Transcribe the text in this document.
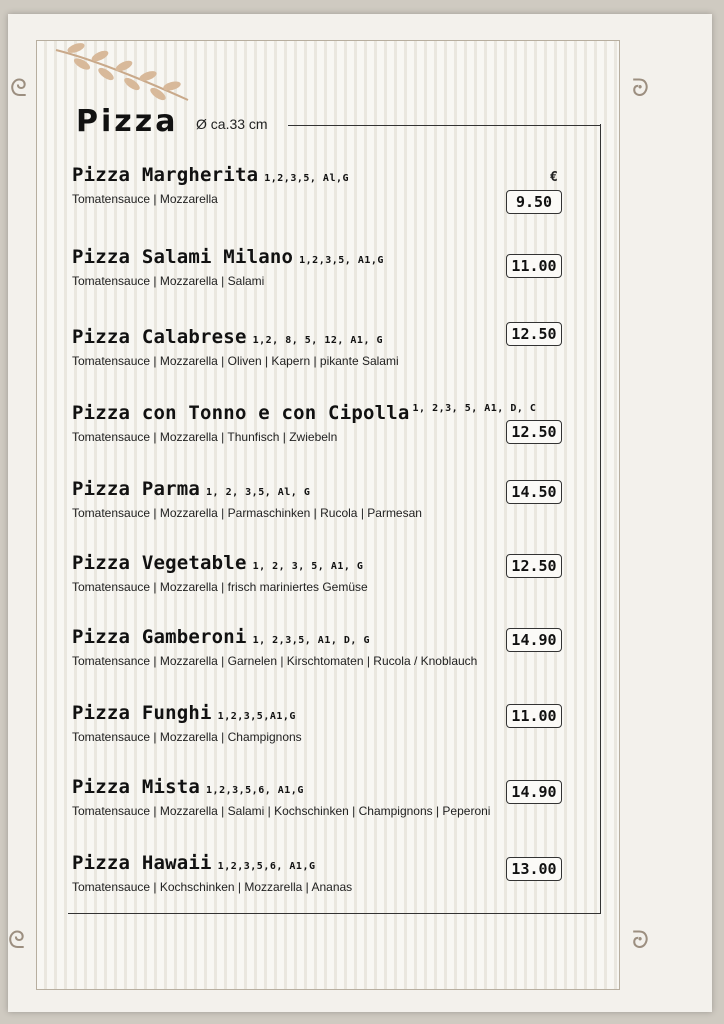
ᘓ	ᘒ
ᘓ	ᘒ
Pizza Ø ca.33 cm
€
Pizza Margherita 1,2,3,5, Al,G
Tomatensauce | Mozzarella	9.50
Pizza Salami Milano 1,2,3,5, A1,G
Tomatensauce | Mozzarella | Salami
11.00
Pizza Calabrese 1,2, 8, 5, 12, A1, G
Tomatensauce | Mozzarella | Oliven | Kapern | pikante Salami
12.50
Pizza con Tonno e con Cipolla $^{1, 2,3, 5, A1, D, C}$
Tomatensauce | Mozzarella | Thunfisch | Zwiebeln	12.50
Pizza Parma 1, 2, 3,5, Al, G
Tomatensauce | Mozzarella | Parmaschinken | Rucola | Parmesan
14.50
Pizza Vegetable 1, 2, 3, 5, A1, G
Tomatensauce | Mozzarella | frisch mariniertes Gemüse
12.50
Pizza Gamberoni 1, 2,3,5, A1, D, G
Tomatensance | Mozzarella | Garnelen | Kirschtomaten | Rucola / Knoblauch
14.90
Pizza Funghi 1,2,3,5,A1,G
Tomatensauce | Mozzarella | Champignons
11.00
Pizza Mista 1,2,3,5,6, A1,G
Tomatensauce | Mozzarella | Salami | Kochschinken | Champignons | Peperoni
14.90
Pizza Hawaii 1,2,3,5,6, A1,G
Tomatensauce | Kochschinken | Mozzarella | Ananas
13.00
